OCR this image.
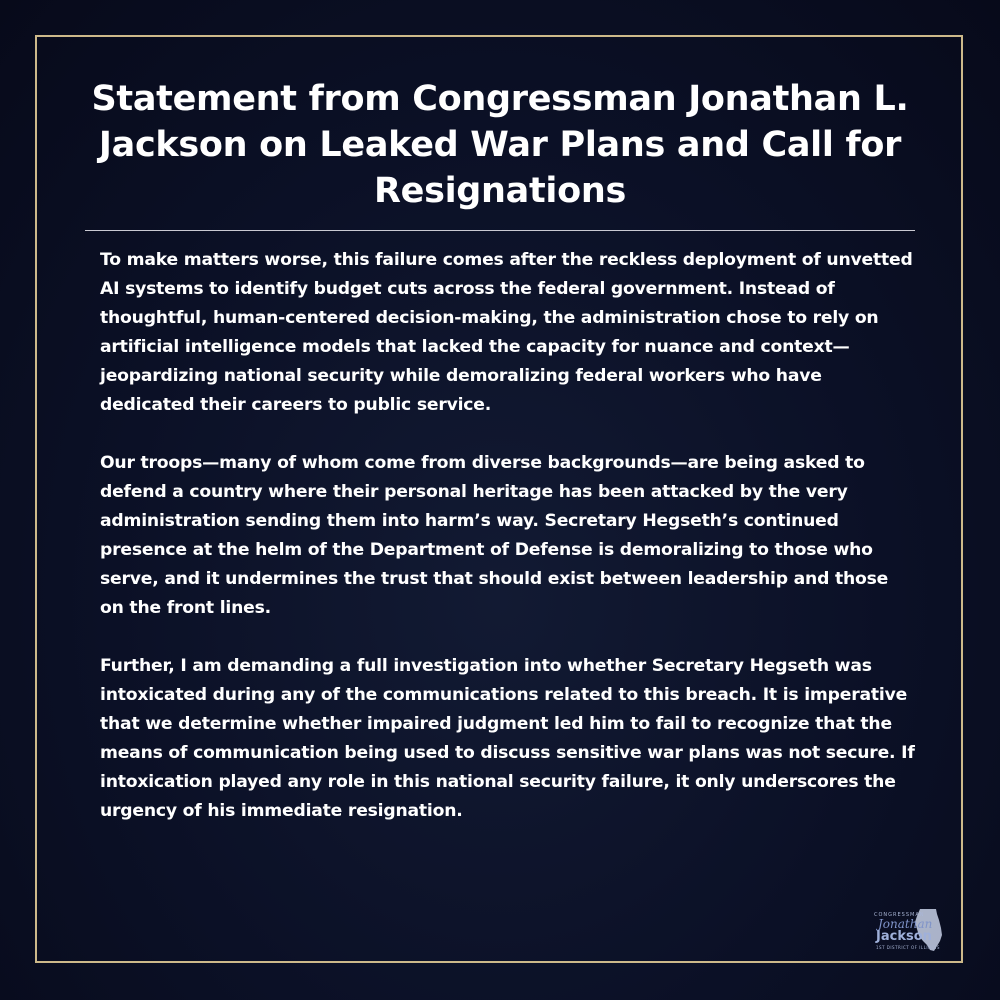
Statement from Congressman Jonathan L. Jackson on Leaked War Plans and Call for Resignations

To make matters worse, this failure comes after the reckless deployment of unvetted AI systems to identify budget cuts across the federal government. Instead of thoughtful, human-centered decision-making, the administration chose to rely on artificial intelligence models that lacked the capacity for nuance and context—jeopardizing national security while demoralizing federal workers who have dedicated their careers to public service.

Our troops—many of whom come from diverse backgrounds—are being asked to defend a country where their personal heritage has been attacked by the very administration sending them into harm’s way. Secretary Hegseth’s continued presence at the helm of the Department of Defense is demoralizing to those who serve, and it undermines the trust that should exist between leadership and those on the front lines.

Further, I am demanding a full investigation into whether Secretary Hegseth was intoxicated during any of the communications related to this breach. It is imperative that we determine whether impaired judgment led him to fail to recognize that the means of communication being used to discuss sensitive war plans was not secure. If intoxication played any role in this national security failure, it only underscores the urgency of his immediate resignation.

CONGRESSMAN
Jonathan
Jackson
1ST DISTRICT OF ILLINOIS
